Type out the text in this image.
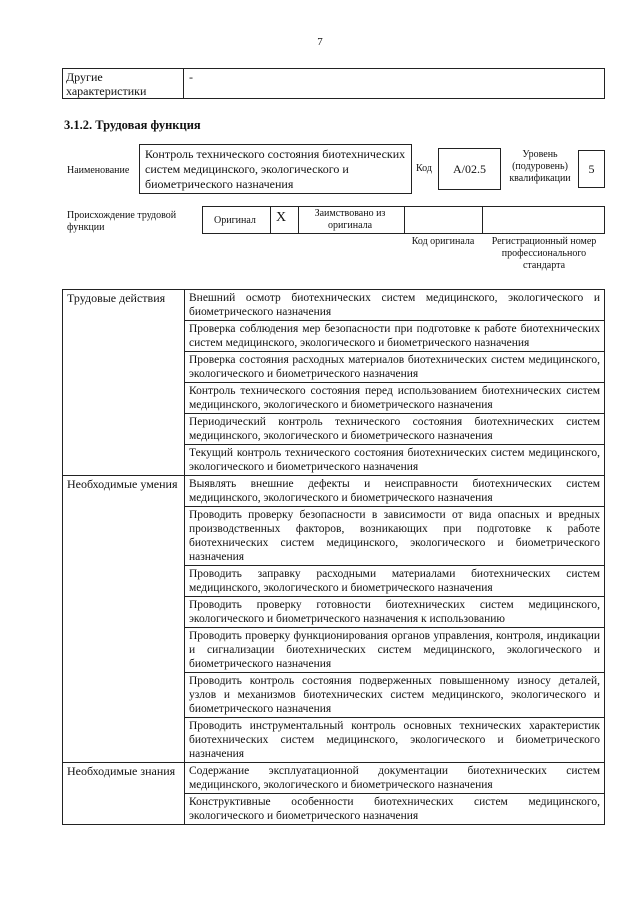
7
Другие характеристики
-
3.1.2. Трудовая функция
Наименование
Контроль технического состояния биотехнических систем медицинского, экологического и биометрического назначения
Код	A/02.5
Уровень (подуровень) квалификации
5
Происхождение трудовой функции
Оригинал X	Заимствовано из оригинала
Код оригинала	Регистрационный номер профессионального стандарта
Трудовые действия	Внешний осмотр биотехнических систем медицинского, экологического и биометрического назначения
	Проверка соблюдения мер безопасности при подготовке к работе биотехнических систем медицинского, экологического и биометрического назначения
	Проверка состояния расходных материалов биотехнических систем медицинского, экологического и биометрического назначения
	Контроль технического состояния перед использованием биотехнических систем медицинского, экологического и биометрического назначения
	Периодический контроль технического состояния биотехнических систем медицинского, экологического и биометрического назначения
	Текущий контроль технического состояния биотехнических систем медицинского, экологического и биометрического назначения
Необходимые умения	Выявлять внешние дефекты и неисправности биотехнических систем медицинского, экологического и биометрического назначения
	Проводить проверку безопасности в зависимости от вида опасных и вредных производственных факторов, возникающих при подготовке к работе биотехнических систем медицинского, экологического и биометрического назначения
	Проводить заправку расходными материалами биотехнических систем медицинского, экологического и биометрического назначения
	Проводить проверку готовности биотехнических систем медицинского, экологического и биометрического назначения к использованию
	Проводить проверку функционирования органов управления, контроля, индикации и сигнализации биотехнических систем медицинского, экологического и биометрического назначения
	Проводить контроль состояния подверженных повышенному износу деталей, узлов и механизмов биотехнических систем медицинского, экологического и биометрического назначения
	Проводить инструментальный контроль основных технических характеристик биотехнических систем медицинского, экологического и биометрического назначения
Необходимые знания	Содержание эксплуатационной документации биотехнических систем медицинского, экологического и биометрического назначения
	Конструктивные особенности биотехнических систем медицинского, экологического и биометрического назначения
